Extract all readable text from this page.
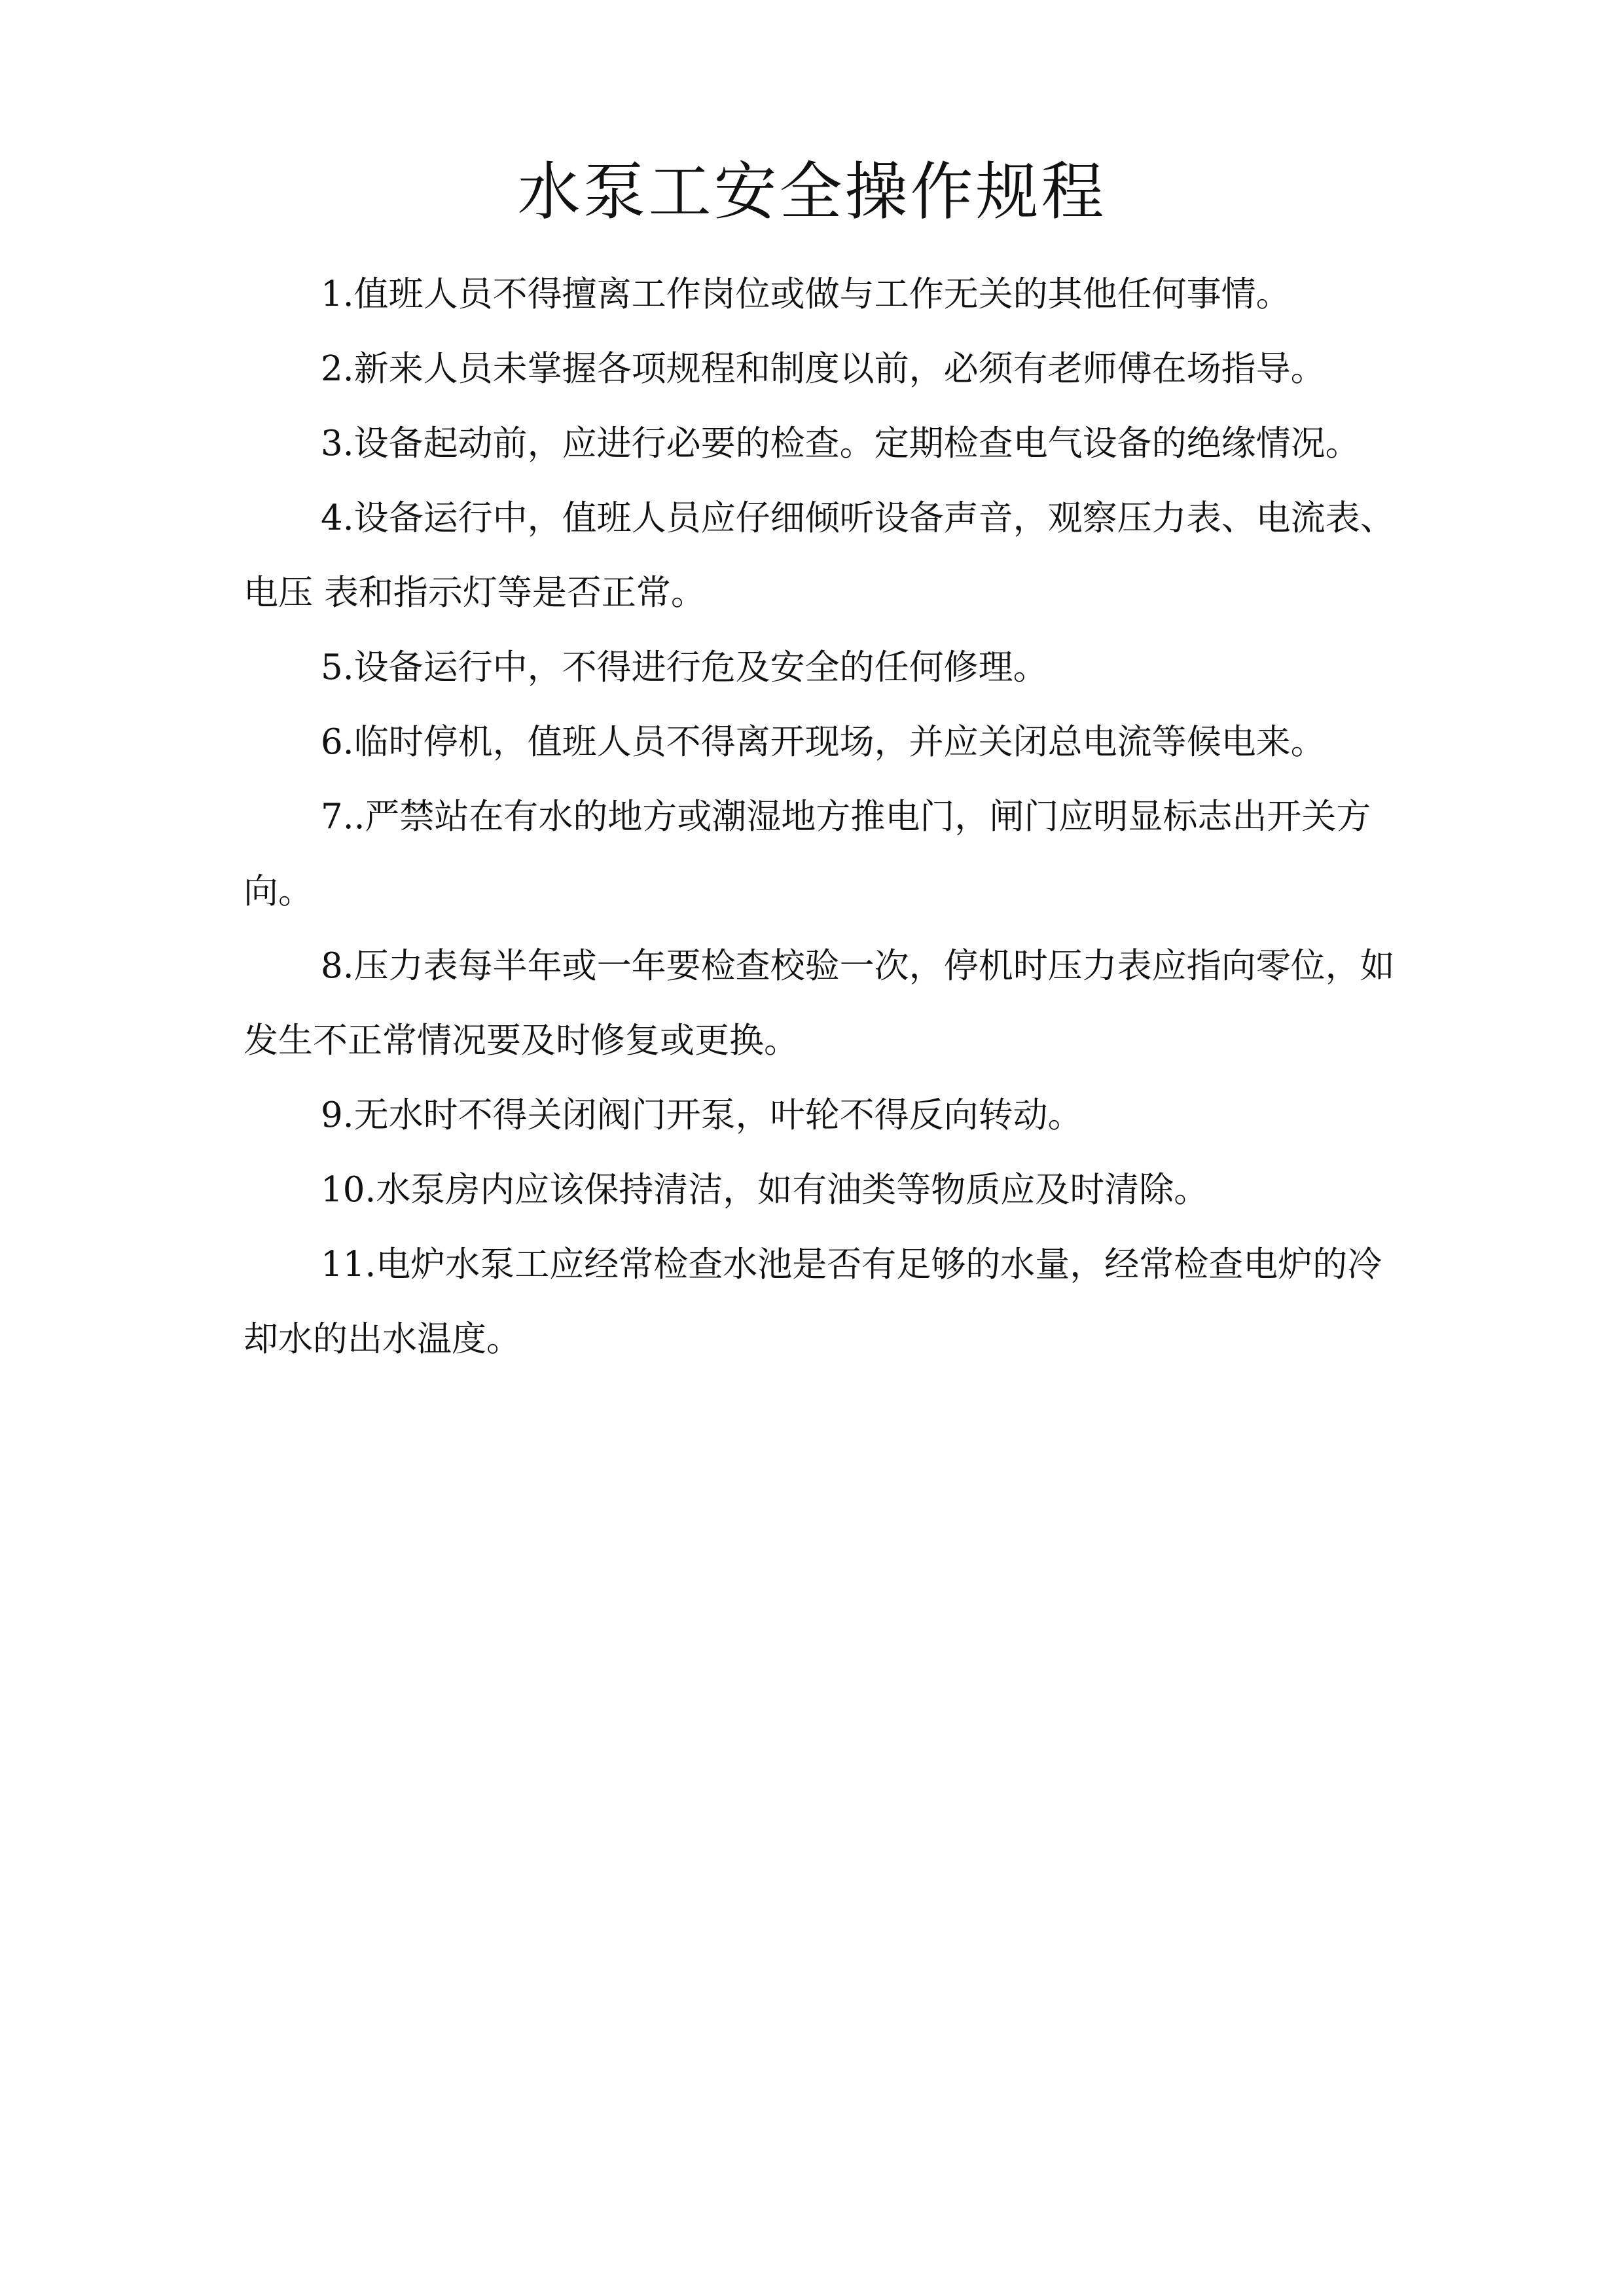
水泵工安全操作规程

1.值班人员不得擅离工作岗位或做与工作无关的其他任何事情。

2.新来人员未掌握各项规程和制度以前，必须有老师傅在场指导。

3.设备起动前，应进行必要的检查。定期检查电气设备的绝缘情况。

4.设备运行中，值班人员应仔细倾听设备声音，观察压力表、电流表、电压 表和指示灯等是否正常。

5.设备运行中，不得进行危及安全的任何修理。

6.临时停机，值班人员不得离开现场，并应关闭总电流等候电来。

7..严禁站在有水的地方或潮湿地方推电门，闸门应明显标志出开关方向。

8.压力表每半年或一年要检查校验一次，停机时压力表应指向零位，如发生不正常情况要及时修复或更换。

9.无水时不得关闭阀门开泵，叶轮不得反向转动。

10.水泵房内应该保持清洁，如有油类等物质应及时清除。

11.电炉水泵工应经常检查水池是否有足够的水量，经常检查电炉的冷却水的出水温度。
